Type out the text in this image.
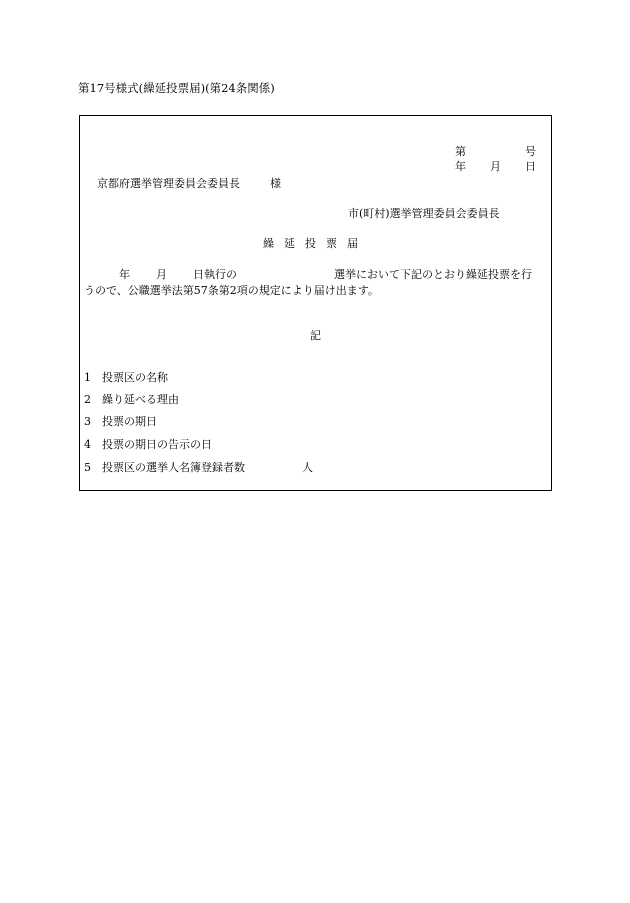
第17号様式(繰延投票届)(第24条関係)
第	号
年 月 日
京都府選挙管理委員会委員長	様
市(町村)選挙管理委員会委員長
繰延投票届
年 月 日執行の	選挙において下記のとおり繰延投票を行
うので、公職選挙法第57条第2項の規定により届け出ます。
記
1 投票区の名称
2 繰り延べる理由
3 投票の期日
4 投票の期日の告示の日
5 投票区の選挙人名簿登録者数	人
